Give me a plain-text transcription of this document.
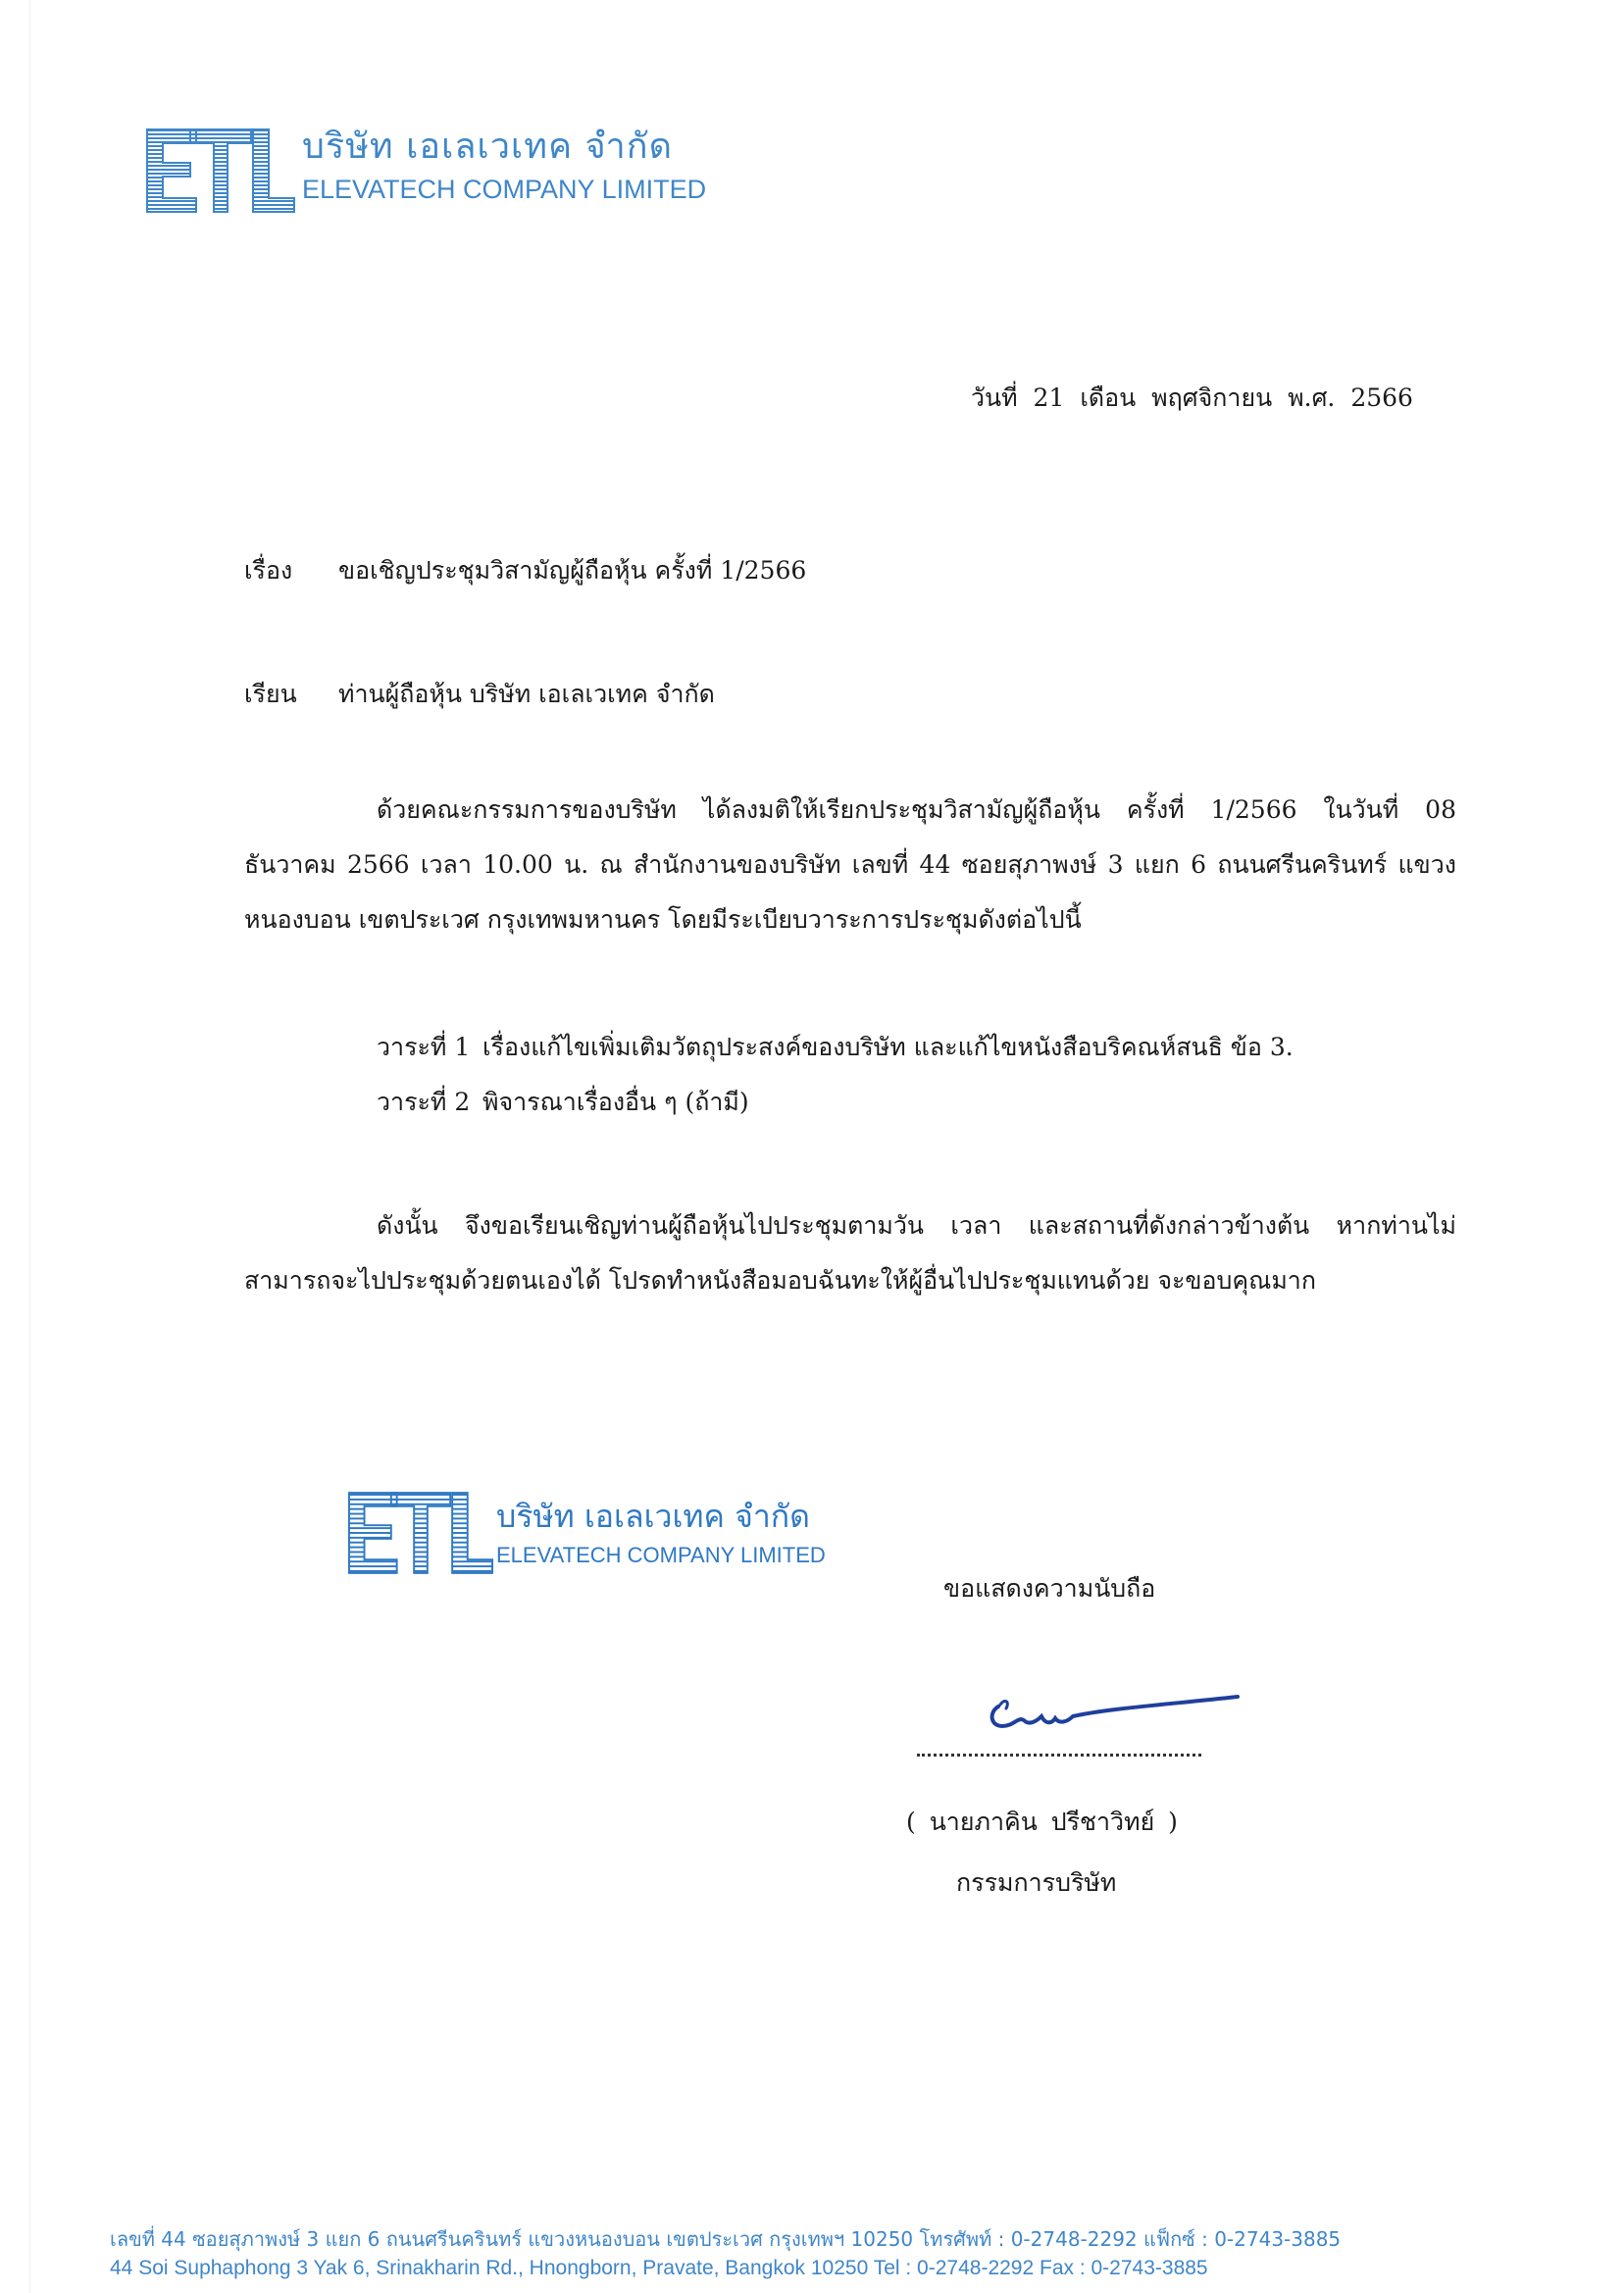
บริษัท เอเลเวเทค จำกัด
ELEVATECH COMPANY LIMITED
วันที่ 21 เดือน พฤศจิกายน พ.ศ. 2566
เรื่อง	ขอเชิญประชุมวิสามัญผู้ถือหุ้น ครั้งที่ 1/2566
เรียน	ท่านผู้ถือหุ้น บริษัท เอเลเวเทค จำกัด
ด้วยคณะกรรมการของบริษัท ได้ลงมติให้เรียกประชุมวิสามัญผู้ถือหุ้น ครั้งที่ 1/2566 ในวันที่ 08 ธันวาคม 2566 เวลา 10.00 น. ณ สำนักงานของบริษัท เลขที่ 44 ซอยสุภาพงษ์ 3 แยก 6 ถนนศรีนครินทร์ แขวงหนองบอน เขตประเวศ กรุงเทพมหานคร โดยมีระเบียบวาระการประชุมดังต่อไปนี้
วาระที่ 1 เรื่องแก้ไขเพิ่มเติมวัตถุประสงค์ของบริษัท และแก้ไขหนังสือบริคณห์สนธิ ข้อ 3.
วาระที่ 2 พิจารณาเรื่องอื่น ๆ (ถ้ามี)
ดังนั้น จึงขอเรียนเชิญท่านผู้ถือหุ้นไปประชุมตามวัน เวลา และสถานที่ดังกล่าวข้างต้น หากท่านไม่สามารถจะไปประชุมด้วยตนเองได้ โปรดทำหนังสือมอบฉันทะให้ผู้อื่นไปประชุมแทนด้วย จะขอบคุณมาก
บริษัท เอเลเวเทค จำกัด
ELEVATECH COMPANY LIMITED
ขอแสดงความนับถือ
( นายภาคิน ปรีชาวิทย์ )
กรรมการบริษัท
เลขที่ 44 ซอยสุภาพงษ์ 3 แยก 6 ถนนศรีนครินทร์ แขวงหนองบอน เขตประเวศ กรุงเทพฯ 10250 โทรศัพท์ : 0-2748-2292 แฟ็กซ์ : 0-2743-3885
44 Soi Suphaphong 3 Yak 6, Srinakharin Rd., Hnongborn, Pravate, Bangkok 10250 Tel : 0-2748-2292 Fax : 0-2743-3885
